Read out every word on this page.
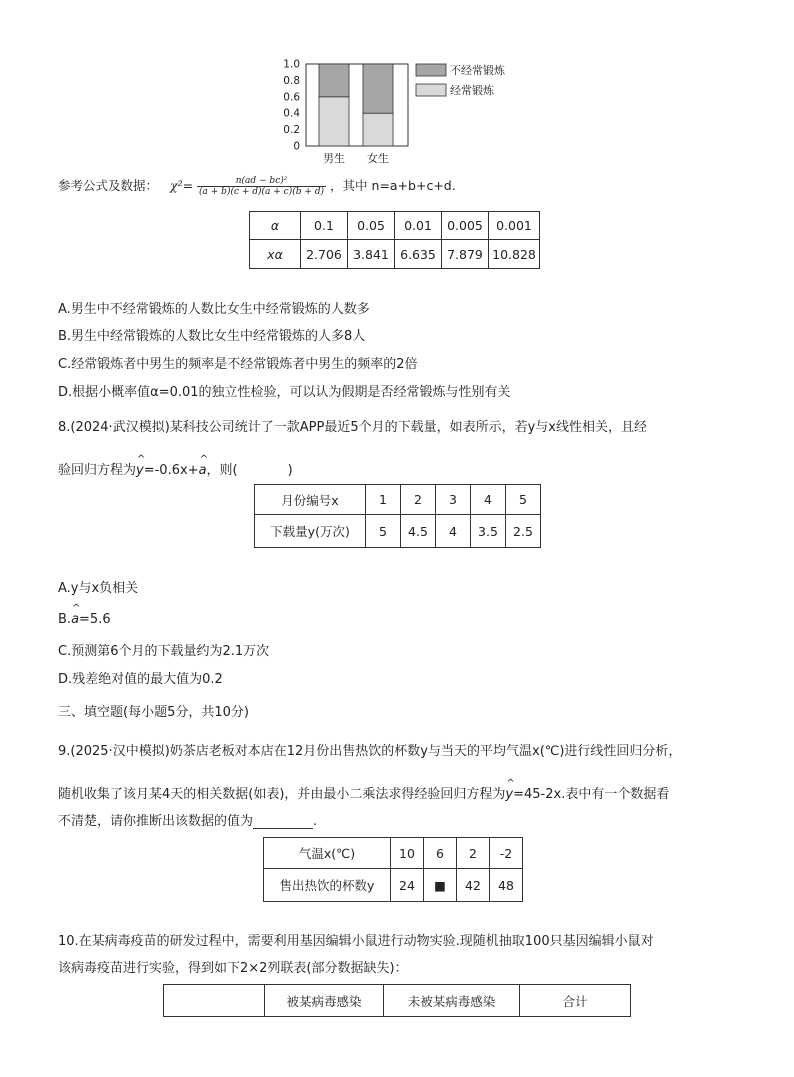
1.0
0.8
0.6
0.4
0.2
0
男生 女生
不经常锻炼
经常锻炼
参考公式及数据： $\chi^2= \frac{\text{n(ad − bc)²}}{(a + b)(c + d)(a + c)(b + d)}$ ，其中 n=a+b+c+d.
α	0.1	0.05	0.01	0.005	0.001
xα	2.706	3.841	6.635	7.879	10.828
A.男生中不经常锻炼的人数比女生中经常锻炼的人数多
B.男生中经常锻炼的人数比女生中经常锻炼的人多8人
C.经常锻炼者中男生的频率是不经常锻炼者中男生的频率的2倍
D.根据小概率值α=0.01的独立性检验，可以认为假期是否经常锻炼与性别有关
8.(2024·武汉模拟)某科技公司统计了一款APP最近5个月的下载量，如表所示，若y与x线性相关，且经
验回归方程为^ y=-0.6x+^ a，则(	)
月份编号x	1	2	3	4	5
下载量y(万次)	5	4.5	4	3.5	2.5
A.y与x负相关
B.^ a=5.6
C.预测第6个月的下载量约为2.1万次
D.残差绝对值的最大值为0.2
三、填空题(每小题5分，共10分)
9.(2025·汉中模拟)奶茶店老板对本店在12月份出售热饮的杯数y与当天的平均气温x(℃)进行线性回归分析，
随机收集了该月某4天的相关数据(如表)，并由最小二乘法求得经验回归方程为^ y=45-2x.表中有一个数据看
不清楚，请你推断出该数据的值为	.
气温x(℃)	10	6	2	-2
售出热饮的杯数y	24	■	42	48
10.在某病毒疫苗的研发过程中，需要利用基因编辑小鼠进行动物实验.现随机抽取100只基因编辑小鼠对
该病毒疫苗进行实验，得到如下2×2列联表(部分数据缺失)：
	被某病毒感染	未被某病毒感染	合计
